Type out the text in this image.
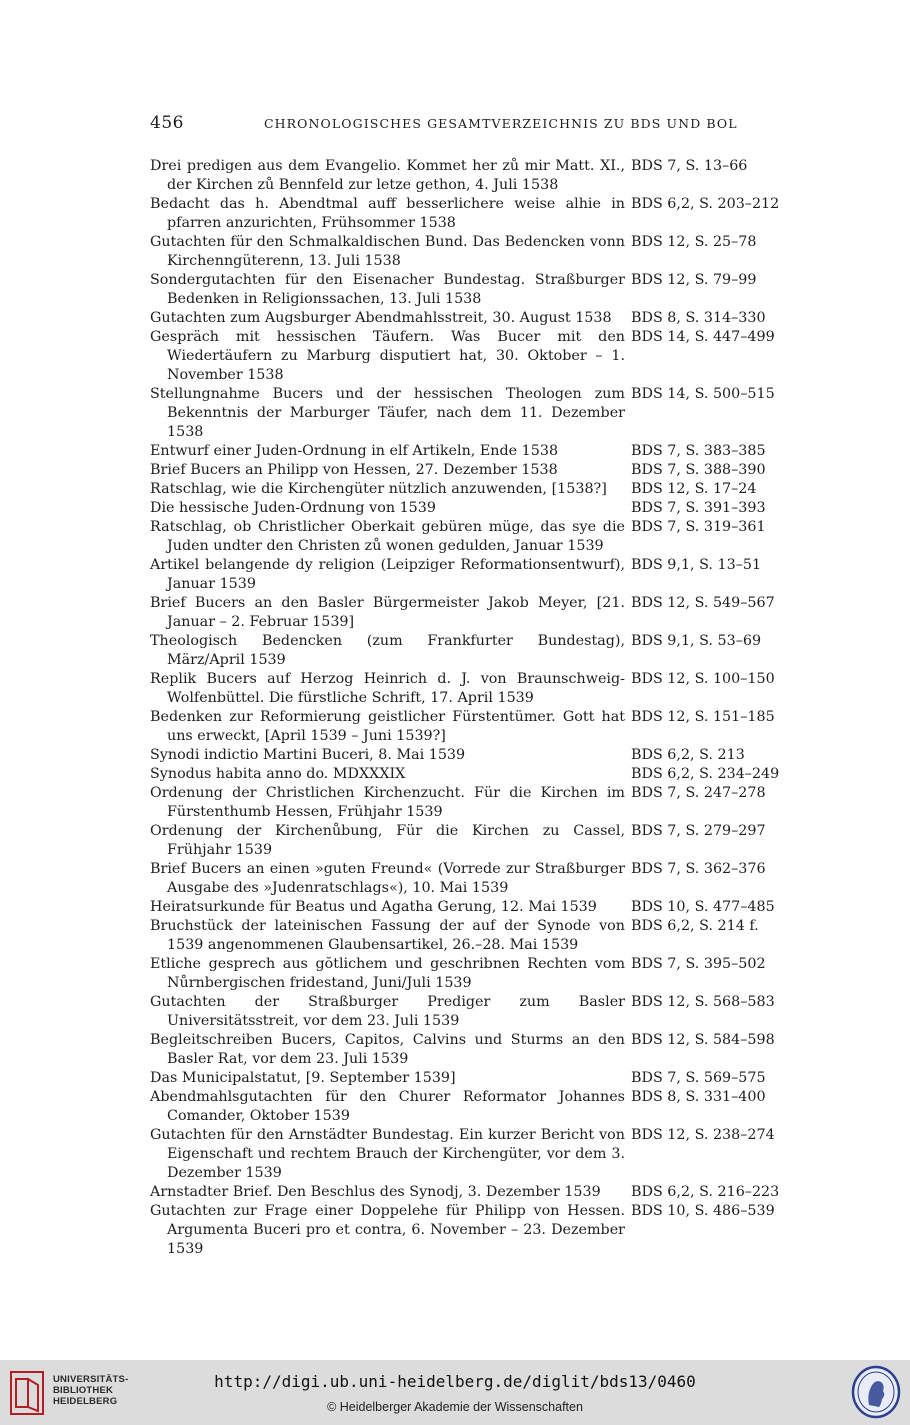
456	CHRONOLOGISCHES GESAMTVERZEICHNIS ZU BDS UND BOL
Drei predigen aus dem Evangelio. Kommet her zů mir Matt. XI., der Kirchen zů Bennfeld zur letze gethon, 4. Juli 1538
BDS 7, S. 13–66
Bedacht das h. Abendtmal auff besserlichere weise alhie in pfarren anzurichten, Frühsommer 1538
BDS 6,2, S. 203–212
Gutachten für den Schmalkaldischen Bund. Das Bedencken vonn Kirchenngüterenn, 13. Juli 1538
BDS 12, S. 25–78
Sondergutachten für den Eisenacher Bundestag. Straßburger Bedenken in Religionssachen, 13. Juli 1538
BDS 12, S. 79–99
Gutachten zum Augsburger Abendmahlsstreit, 30. August 1538	BDS 8, S. 314–330
Gespräch mit hessischen Täufern. Was Bucer mit den Wiedertäufern zu Marburg disputiert hat, 30. Oktober – 1. November 1538
BDS 14, S. 447–499
Stellungnahme Bucers und der hessischen Theologen zum Bekenntnis der Marburger Täufer, nach dem 11. Dezember 1538
BDS 14, S. 500–515
Entwurf einer Juden-Ordnung in elf Artikeln, Ende 1538	BDS 7, S. 383–385
Brief Bucers an Philipp von Hessen, 27. Dezember 1538	BDS 7, S. 388–390
Ratschlag, wie die Kirchengüter nützlich anzuwenden, [1538?]	BDS 12, S. 17–24
Die hessische Juden-Ordnung von 1539	BDS 7, S. 391–393
Ratschlag, ob Christlicher Oberkait gebüren müge, das sye die Juden undter den Christen zů wonen gedulden, Januar 1539
BDS 7, S. 319–361
Artikel belangende dy religion (Leipziger Reformationsentwurf), Januar 1539
BDS 9,1, S. 13–51
Brief Bucers an den Basler Bürgermeister Jakob Meyer, [21. Januar – 2. Februar 1539]
BDS 12, S. 549–567
Theologisch Bedencken (zum Frankfurter Bundestag), März/April 1539
BDS 9,1, S. 53–69
Replik Bucers auf Herzog Heinrich d. J. von Braunschweig-Wolfenbüttel. Die fürstliche Schrift, 17. April 1539
BDS 12, S. 100–150
Bedenken zur Reformierung geistlicher Fürstentümer. Gott hat uns erweckt, [April 1539 – Juni 1539?]
BDS 12, S. 151–185
Synodi indictio Martini Buceri, 8. Mai 1539	BDS 6,2, S. 213
Synodus habita anno do. MDXXXIX	BDS 6,2, S. 234–249
Ordenung der Christlichen Kirchenzucht. Für die Kirchen im Fürstenthumb Hessen, Frühjahr 1539
BDS 7, S. 247–278
Ordenung der Kirchenůbung, Für die Kirchen zu Cassel, Frühjahr 1539
BDS 7, S. 279–297
Brief Bucers an einen »guten Freund« (Vorrede zur Straßburger Ausgabe des »Judenratschlags«), 10. Mai 1539
BDS 7, S. 362–376
Heiratsurkunde für Beatus und Agatha Gerung, 12. Mai 1539	BDS 10, S. 477–485
Bruchstück der lateinischen Fassung der auf der Synode von 1539 angenommenen Glaubensartikel, 26.–28. Mai 1539
BDS 6,2, S. 214 f.
Etliche gesprech aus gŏtlichem und geschribnen Rechten vom Nůrnbergischen fridestand, Juni/Juli 1539
BDS 7, S. 395–502
Gutachten der Straßburger Prediger zum Basler Universitätsstreit, vor dem 23. Juli 1539
BDS 12, S. 568–583
Begleitschreiben Bucers, Capitos, Calvins und Sturms an den Basler Rat, vor dem 23. Juli 1539
BDS 12, S. 584–598
Das Municipalstatut, [9. September 1539]	BDS 7, S. 569–575
Abendmahlsgutachten für den Churer Reformator Johannes Comander, Oktober 1539
BDS 8, S. 331–400
Gutachten für den Arnstädter Bundestag. Ein kurzer Bericht von Eigenschaft und rechtem Brauch der Kirchengüter, vor dem 3. Dezember 1539
BDS 12, S. 238–274
Arnstadter Brief. Den Beschlus des Synodj, 3. Dezember 1539	BDS 6,2, S. 216–223
Gutachten zur Frage einer Doppelehe für Philipp von Hessen. Argumenta Buceri pro et contra, 6. November – 23. Dezember 1539
BDS 10, S. 486–539
UNIVERSITÄTS-
BIBLIOTHEK
HEIDELBERG
http://digi.ub.uni-heidelberg.de/diglit/bds13/0460
© Heidelberger Akademie der Wissenschaften
